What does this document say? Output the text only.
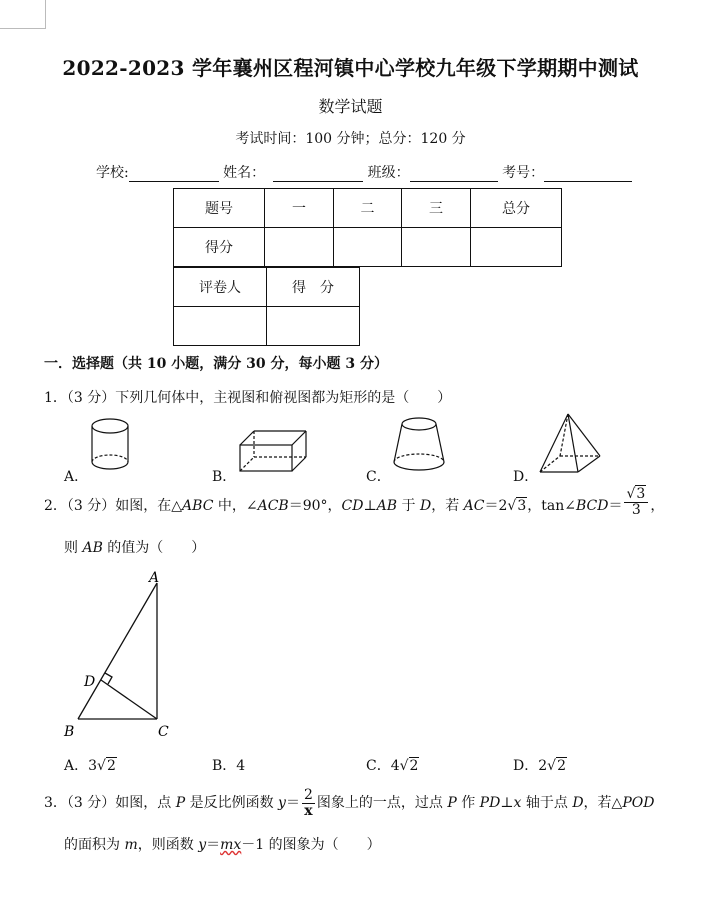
2022-2023 学年襄州区程河镇中心学校九年级下学期期中测试
数学试题
考试时间：100 分钟；总分：120 分
学校:	姓名：	班级：	考号：
题号	一	二	三	总分
得分				
评卷人	得　分

一．选择题（共 10 小题，满分 30 分，每小题 3 分）
1．（3 分）下列几何体中，主视图和俯视图都为矩形的是（　　）
A．	B．	C．	D．
2．（3 分）如图，在△ABC 中，∠ACB＝90°，CD⊥AB 于 D，若 AC＝2√3，tan∠BCD＝ $\frac{√3}{3}$ ，
则 AB 的值为（　　）
A
D
B	C
A．3√2	B．4	C．4√2	D．2√2
3．（3 分）如图，点 P 是反比例函数 $y= \frac{2}{x}$ 图象上的一点，过点 P 作 PD⊥x 轴于点 D，若△POD
的面积为 m，则函数 y＝mx－1 的图象为（　　）
